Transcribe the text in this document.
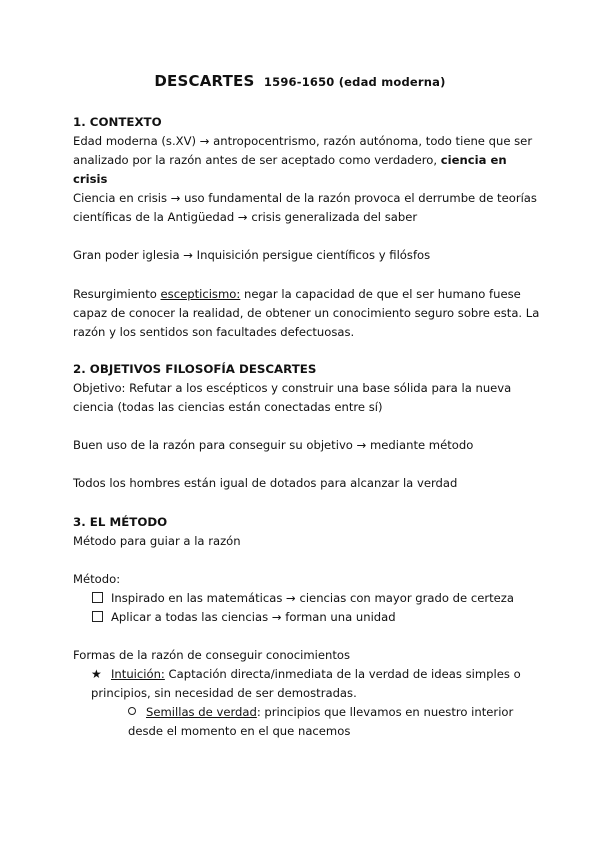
DESCARTES 1596-1650 (edad moderna)
1. CONTEXTO
Edad moderna (s.XV) → antropocentrismo, razón autónoma, todo tiene que ser analizado por la razón antes de ser aceptado como verdadero, ciencia en crisis
Ciencia en crisis → uso fundamental de la razón provoca el derrumbe de teorías científicas de la Antigüedad → crisis generalizada del saber
Gran poder iglesia → Inquisición persigue científicos y filósfos
Resurgimiento escepticismo: negar la capacidad de que el ser humano fuese capaz de conocer la realidad, de obtener un conocimiento seguro sobre esta. La razón y los sentidos son facultades defectuosas.
2. OBJETIVOS FILOSOFÍA DESCARTES
Objetivo: Refutar a los escépticos y construir una base sólida para la nueva ciencia (todas las ciencias están conectadas entre sí)
Buen uso de la razón para conseguir su objetivo → mediante método
Todos los hombres están igual de dotados para alcanzar la verdad
3. EL MÉTODO
Método para guiar a la razón
Método:
Inspirado en las matemáticas → ciencias con mayor grado de certeza
Aplicar a todas las ciencias → forman una unidad
Formas de la razón de conseguir conocimientos
★ Intuición: Captación directa/inmediata de la verdad de ideas simples o principios, sin necesidad de ser demostradas.
Semillas de verdad: principios que llevamos en nuestro interior desde el momento en el que nacemos
